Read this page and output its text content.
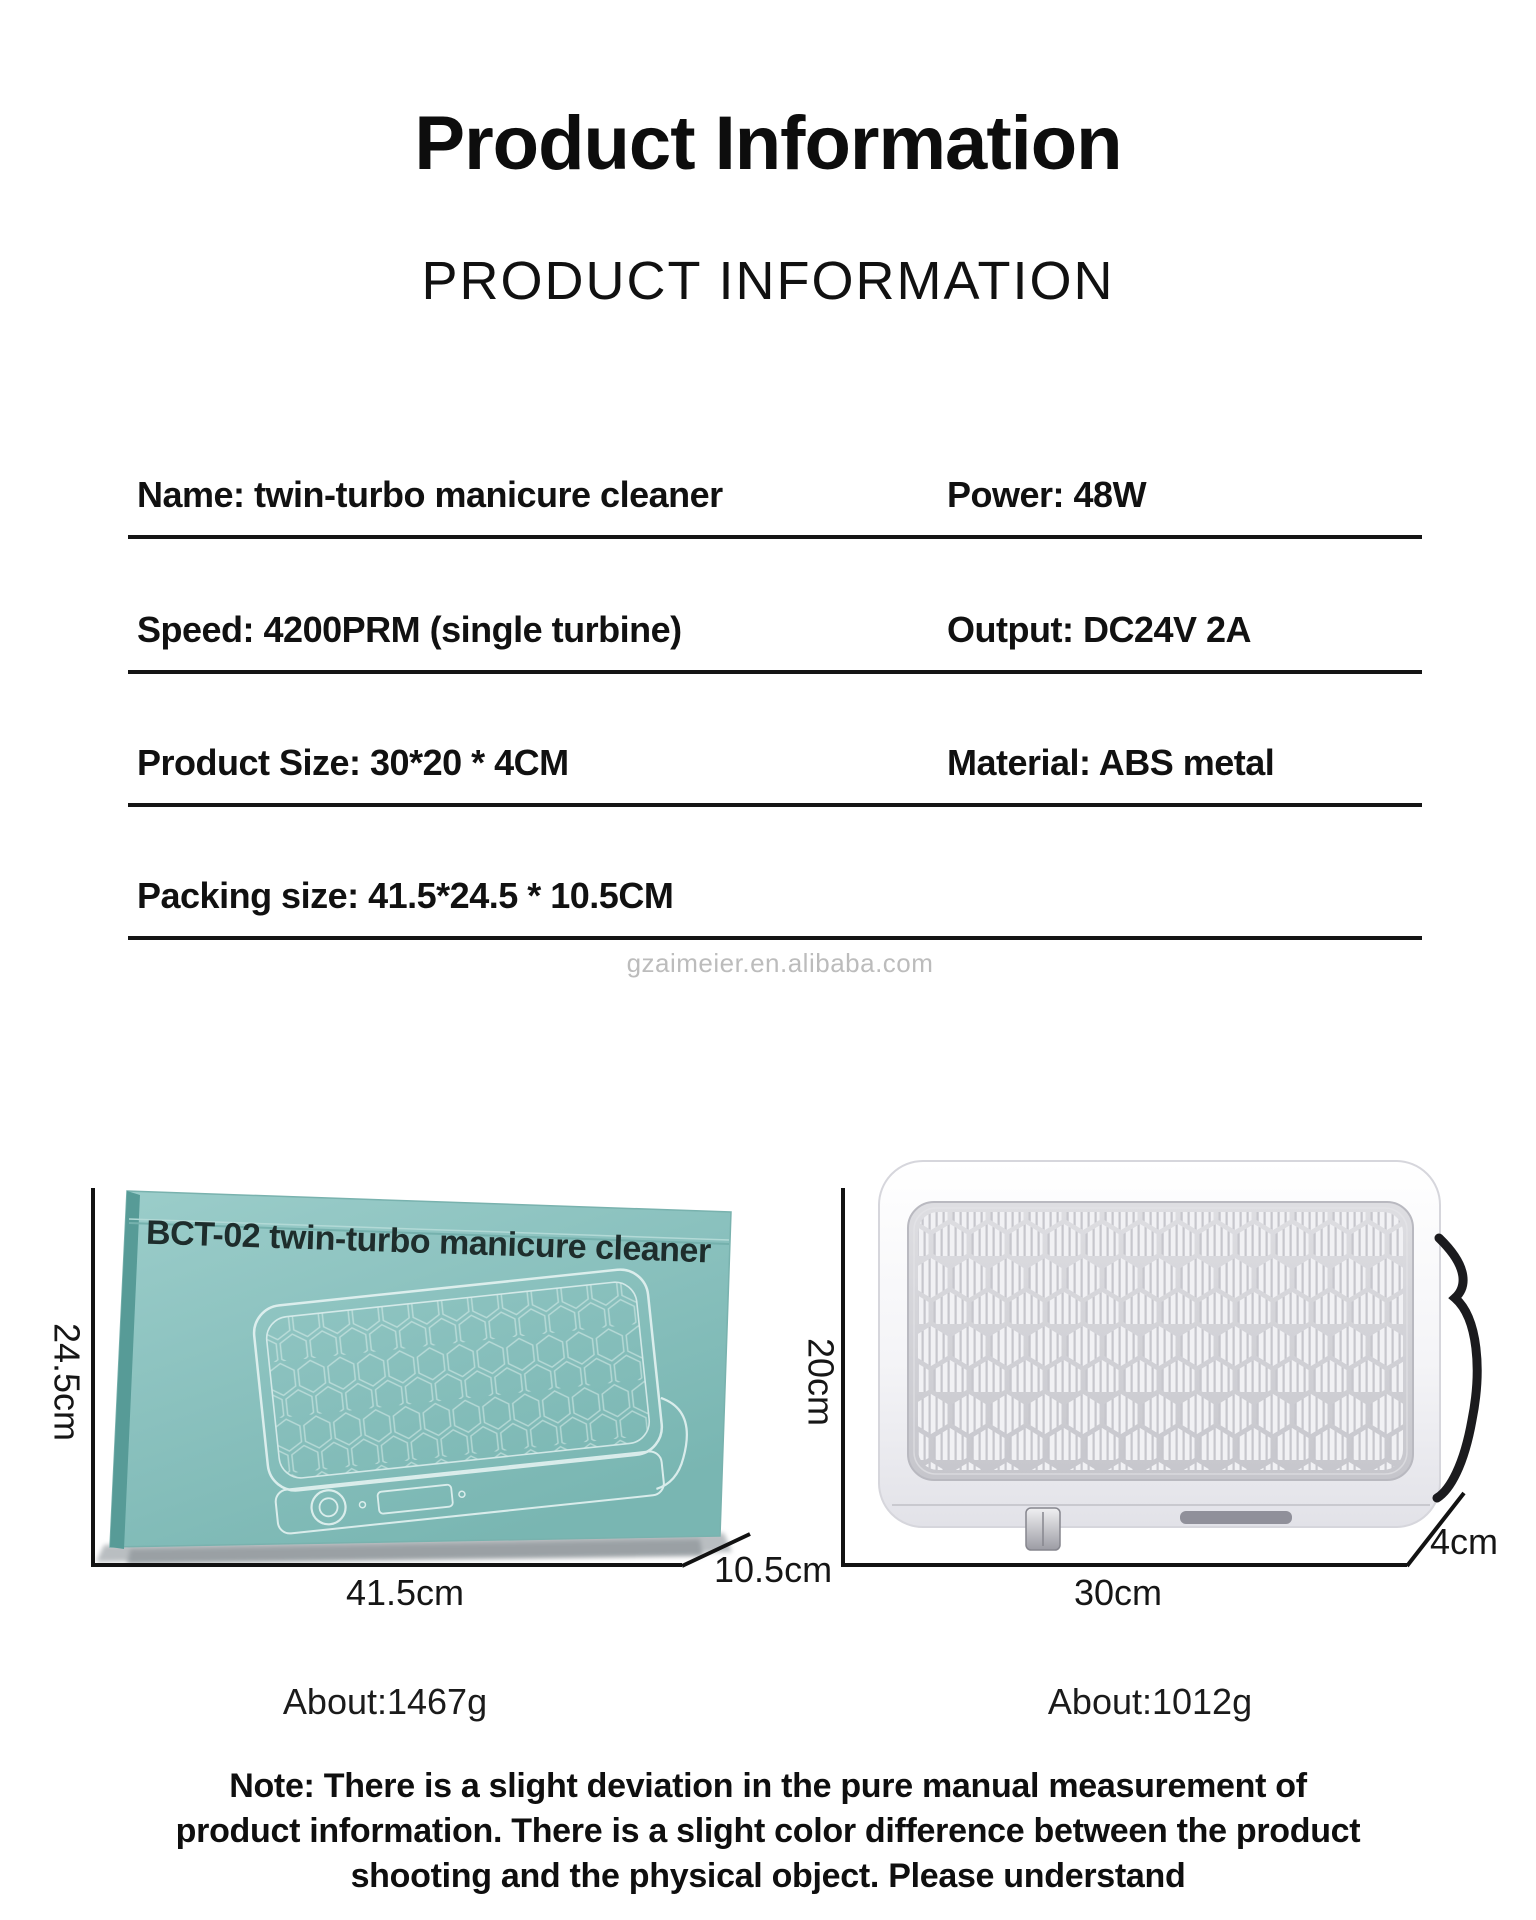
Product Information
PRODUCT INFORMATION
Name: twin-turbo manicure cleaner	Power: 48W
Speed: 4200PRM (single turbine)	Output: DC24V 2A
Product Size: 30*20 * 4CM	Material: ABS metal
Packing size: 41.5*24.5 * 10.5CM
gzaimeier.en.alibaba.com
BCT-02 twin-turbo manicure cleaner
24.5cm
41.5cm
10.5cm
About:1467g
20cm
30cm
4cm
About:1012g
Note: There is a slight deviation in the pure manual measurement of
product information. There is a slight color difference between the product
shooting and the physical object. Please understand
